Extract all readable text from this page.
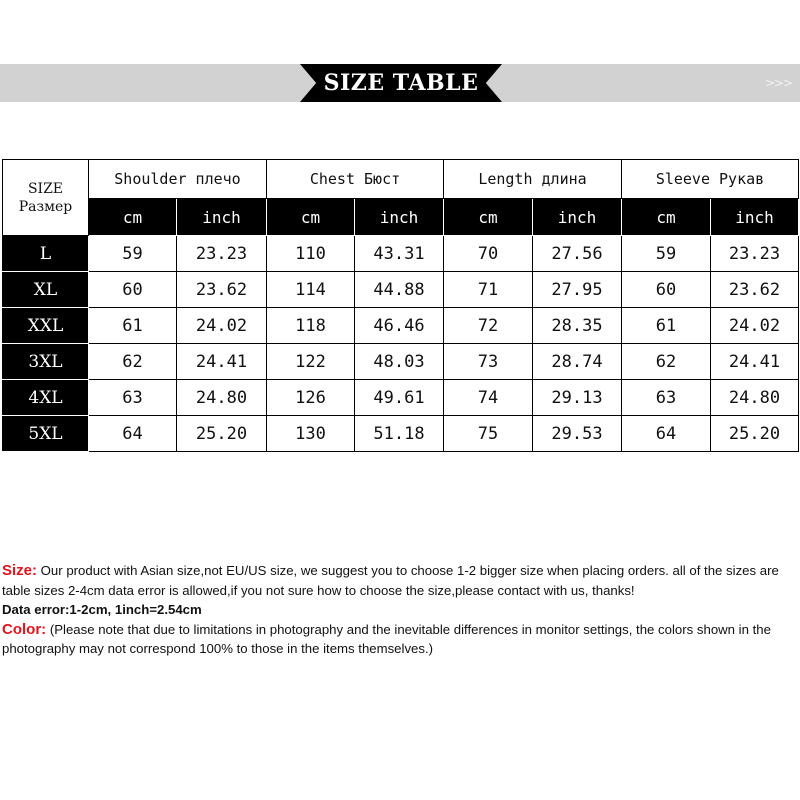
>>>
SIZE TABLE
SIZE
Размер	Shoulder плечо		Chest Бюст		Length длина		Sleeve Рукав	
	cm	inch	cm	inch	cm	inch	cm	inch
L	59	23.23	110	43.31	70	27.56	59	23.23
XL	60	23.62	114	44.88	71	27.95	60	23.62
XXL	61	24.02	118	46.46	72	28.35	61	24.02
3XL	62	24.41	122	48.03	73	28.74	62	24.41
4XL	63	24.80	126	49.61	74	29.13	63	24.80
5XL	64	25.20	130	51.18	75	29.53	64	25.20

Size: Our product with Asian size,not EU/US size, we suggest you to choose 1-2 bigger size when placing orders. all of the sizes are table sizes 2-4cm data error is allowed,if you not sure how to choose the size,please contact with us, thanks!

Data error:1-2cm, 1inch=2.54cm

Color: (Please note that due to limitations in photography and the inevitable differences in monitor settings, the colors shown in the photography may not correspond 100% to those in the items themselves.)
